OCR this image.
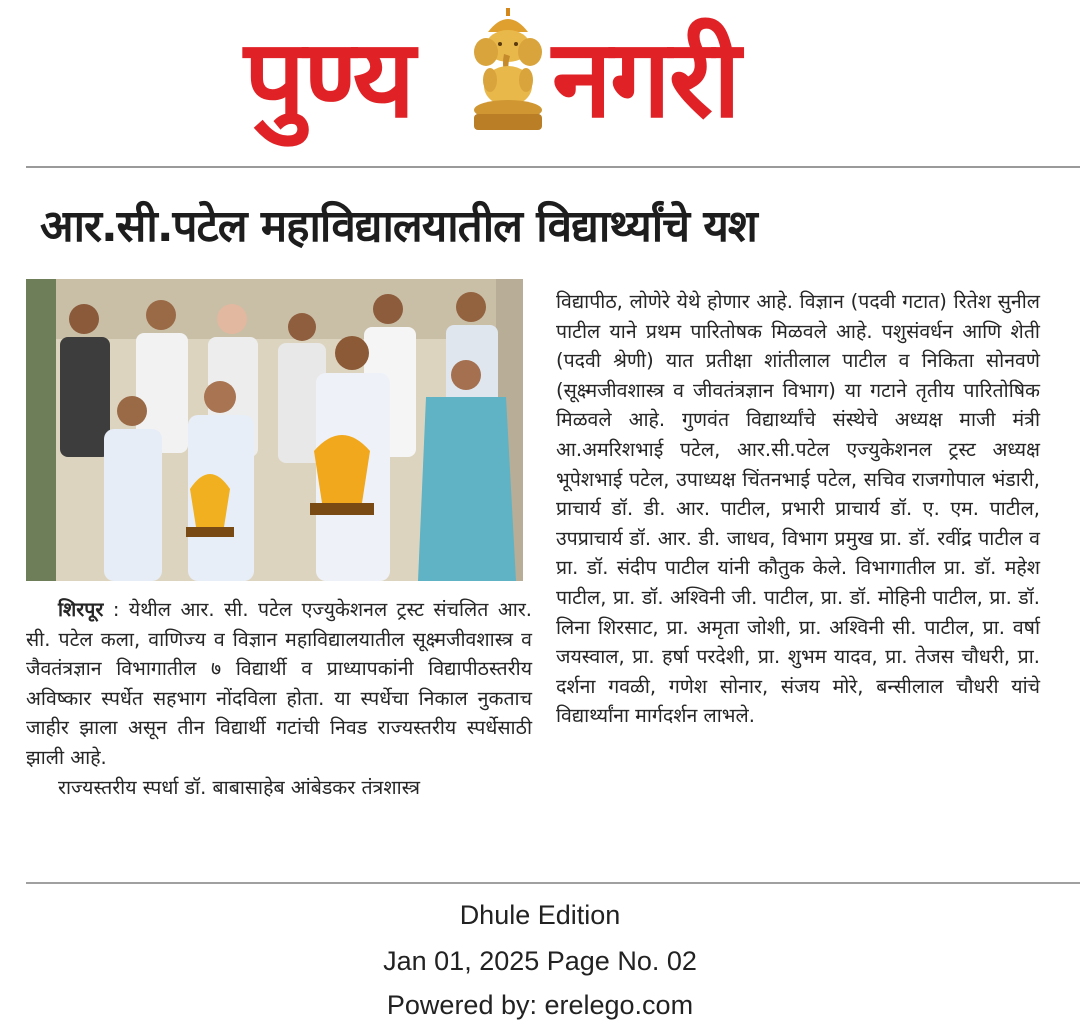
पुण्य नगरी
आर.सी.पटेल महाविद्यालयातील विद्यार्थ्यांचे यश

शिरपूर : येथील आर. सी. पटेल एज्युकेशनल ट्रस्ट संचलित आर. सी. पटेल कला, वाणिज्य व विज्ञान महाविद्यालयातील सूक्ष्मजीवशास्त्र व जैवतंत्रज्ञान विभागातील ७ विद्यार्थी व प्राध्यापकांनी विद्यापीठस्तरीय अविष्कार स्पर्धेत सहभाग नोंदविला होता. या स्पर्धेचा निकाल नुकताच जाहीर झाला असून तीन विद्यार्थी गटांची निवड राज्यस्तरीय स्पर्धेसाठी झाली आहे.

राज्यस्तरीय स्पर्धा डॉ. बाबासाहेब आंबेडकर तंत्रशास्त्र

विद्यापीठ, लोणेरे येथे होणार आहे. विज्ञान (पदवी गटात) रितेश सुनील पाटील याने प्रथम पारितोषक मिळवले आहे. पशुसंवर्धन आणि शेती (पदवी श्रेणी) यात प्रतीक्षा शांतीलाल पाटील व निकिता सोनवणे (सूक्ष्मजीवशास्त्र व जीवतंत्रज्ञान विभाग) या गटाने तृतीय पारितोषिक मिळवले आहे. गुणवंत विद्यार्थ्यांचे संस्थेचे अध्यक्ष माजी मंत्री आ.अमरिशभाई पटेल, आर.सी.पटेल एज्युकेशनल ट्रस्ट अध्यक्ष भूपेशभाई पटेल, उपाध्यक्ष चिंतनभाई पटेल, सचिव राजगोपाल भंडारी, प्राचार्य डॉ. डी. आर. पाटील, प्रभारी प्राचार्य डॉ. ए. एम. पाटील, उपप्राचार्य डॉ. आर. डी. जाधव, विभाग प्रमुख प्रा. डॉ. रवींद्र पाटील व प्रा. डॉ. संदीप पाटील यांनी कौतुक केले. विभागातील प्रा. डॉ. महेश पाटील, प्रा. डॉ. अश्विनी जी. पाटील, प्रा. डॉ. मोहिनी पाटील, प्रा. डॉ. लिना शिरसाट, प्रा. अमृता जोशी, प्रा. अश्विनी सी. पाटील, प्रा. वर्षा जयस्वाल, प्रा. हर्षा परदेशी, प्रा. शुभम यादव, प्रा. तेजस चौधरी, प्रा. दर्शना गवळी, गणेश सोनार, संजय मोरे, बन्सीलाल चौधरी यांचे विद्यार्थ्यांना मार्गदर्शन लाभले.

Dhule Edition
Jan 01, 2025 Page No. 02
Powered by: erelego.com
